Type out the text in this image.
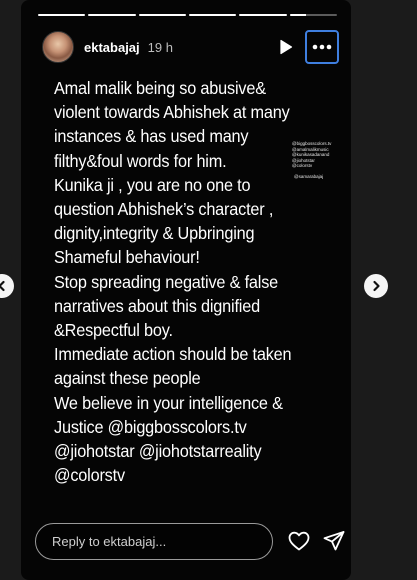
ektabajaj 19 h

Amal malik being so abusive&

violent towards Abhishek at many

instances & has used many

filthy&foul words for him.

Kunika ji , you are no one to

question Abhishek’s character ,

dignity,integrity & Upbringing

Shameful behaviour!

Stop spreading negative & false

narratives about this dignified

&Respectful boy.

Immediate action should be taken

against these people

We believe in your intelligence &

Justice @biggbosscolors.tv

@jiohotstar @jiohotstarreality

@colorstv

@biggbosscolors.tv
@amalmalikmusic
@kunikasadanand
@jiohotstar
@colorstv
@samarabajaj
Reply to ektabajaj...
